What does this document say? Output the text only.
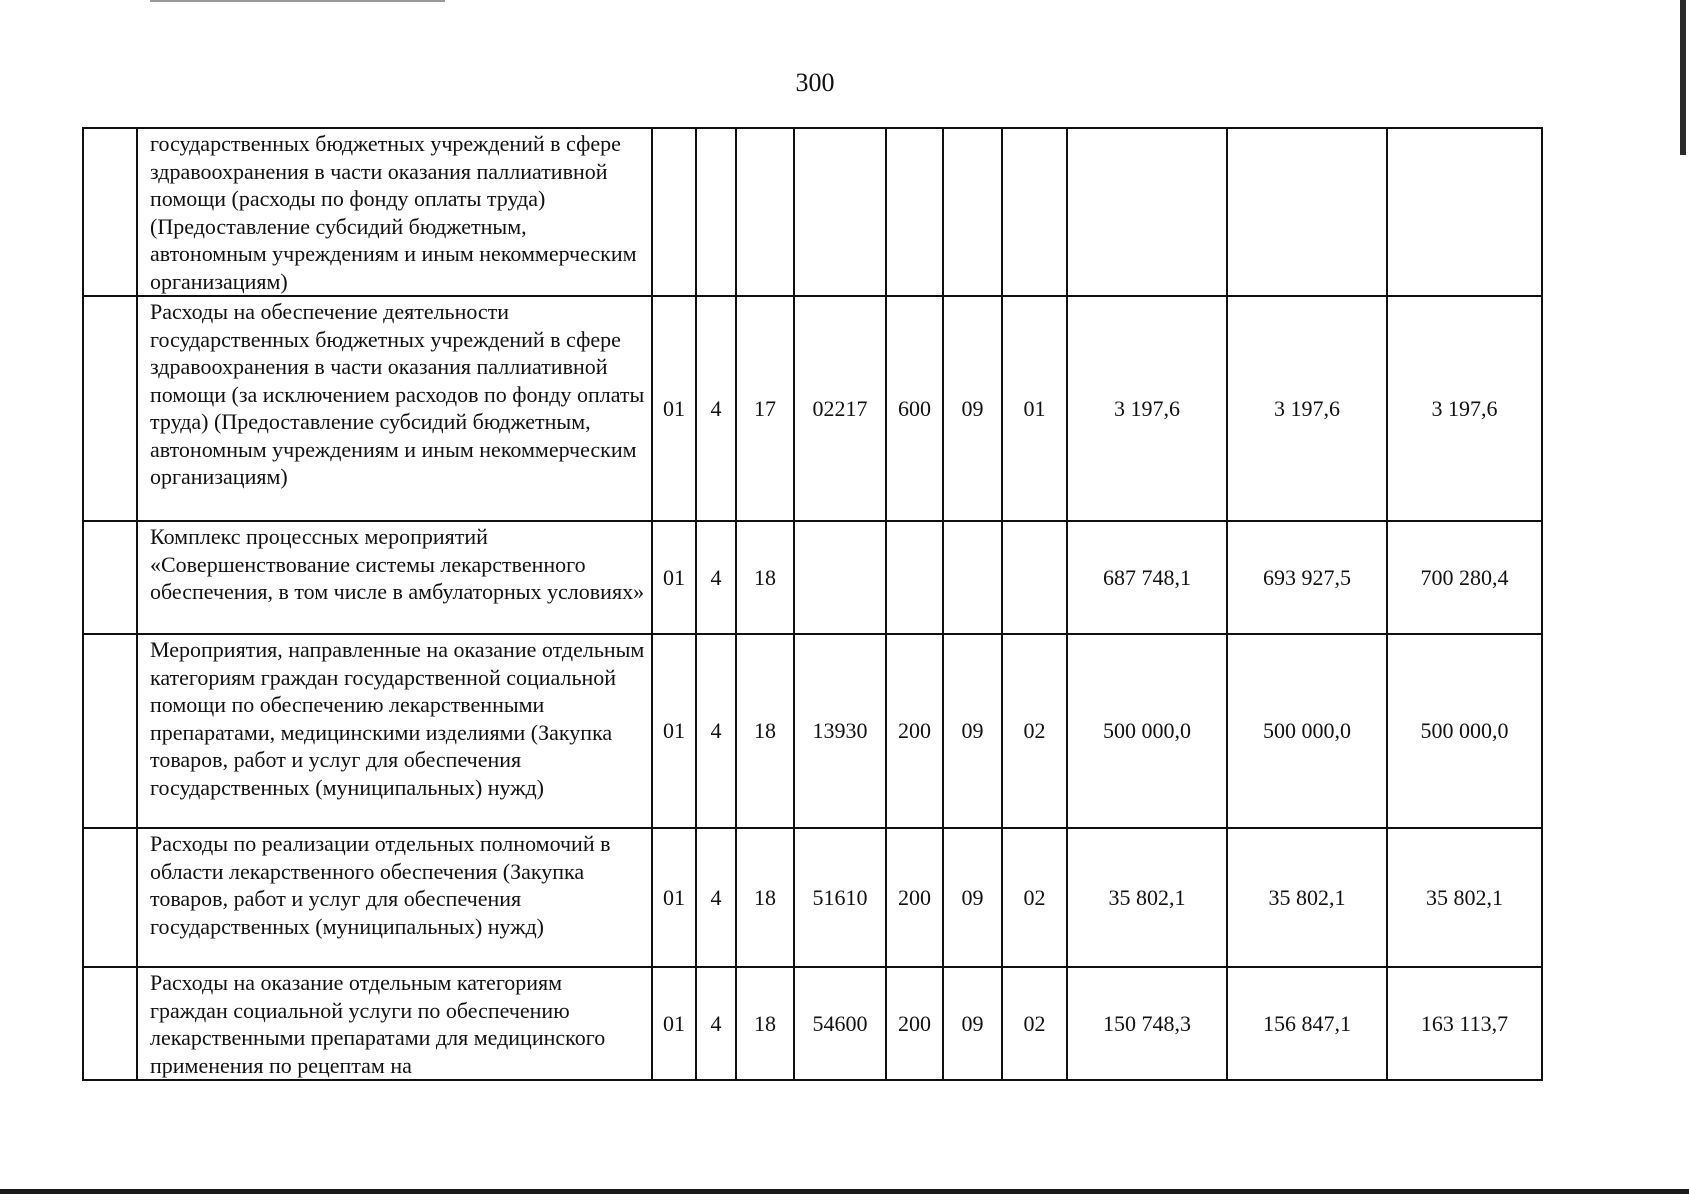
300
	государственных бюджетных учреждений в сфере здравоохранения в части оказания паллиативной помощи (расходы по фонду оплаты труда) (Предоставление субсидий бюджетным, автономным учреждениям и иным некоммерческим организациям)										
	Расходы на обеспечение деятельности государственных бюджетных учреждений в сфере здравоохранения в части оказания паллиативной помощи (за исключением расходов по фонду оплаты труда) (Предоставление субсидий бюджетным, автономным учреждениям и иным некоммерческим организациям)	01	4	17	02217	600	09	01	3 197,6	3 197,6	3 197,6
	Комплекс процессных мероприятий «Совершенствование системы лекарственного обеспечения, в том числе в амбулаторных условиях»	01	4	18					687 748,1	693 927,5	700 280,4
	Мероприятия, направленные на оказание отдельным категориям граждан государственной социальной помощи по обеспечению лекарственными препаратами, медицинскими изделиями (Закупка товаров, работ и услуг для обеспечения государственных (муниципальных) нужд)	01	4	18	13930	200	09	02	500 000,0	500 000,0	500 000,0
	Расходы по реализации отдельных полномочий в области лекарственного обеспечения (Закупка товаров, работ и услуг для обеспечения государственных (муниципальных) нужд)	01	4	18	51610	200	09	02	35 802,1	35 802,1	35 802,1
	Расходы на оказание отдельным категориям граждан социальной услуги по обеспечению лекарственными препаратами для медицинского применения по рецептам на	01	4	18	54600	200	09	02	150 748,3	156 847,1	163 113,7
